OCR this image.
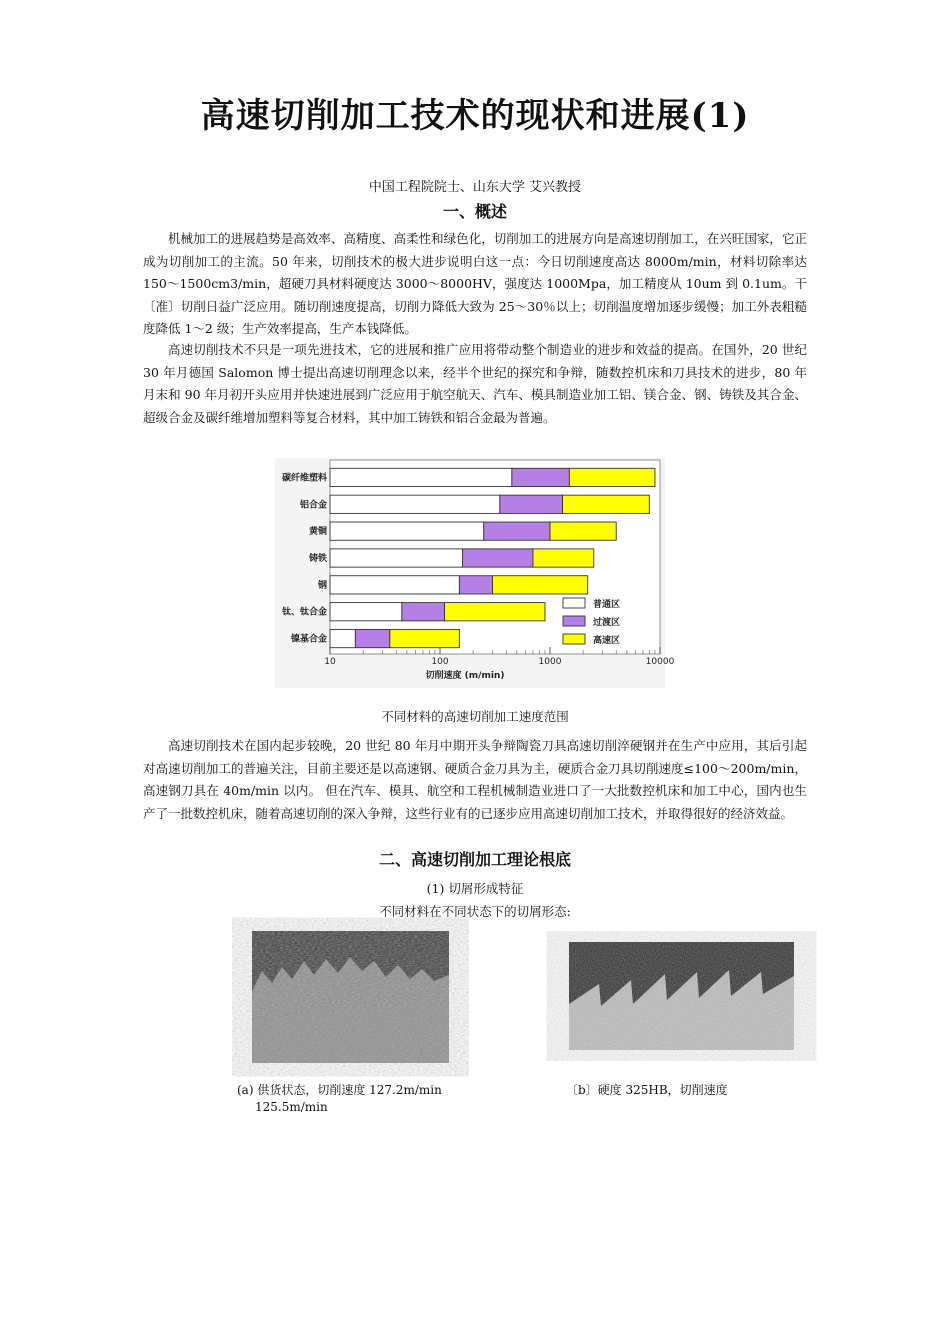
高速切削加工技术的现状和进展(1)
中国工程院院士、山东大学 艾兴教授
一、概述

机械加工的进展趋势是高效率、高精度、高柔性和绿色化，切削加工的进展方向是高速切削加工，在兴旺国家，它正成为切削加工的主流。50 年来，切削技术的极大进步说明白这一点：今日切削速度高达 8000m/min，材料切除率达 150～1500cm3/min，超硬刀具材料硬度达 3000～8000HV，强度达 1000Mpa，加工精度从 10um 到 0.1um。干〔准〕切削日益广泛应用。随切削速度提高，切削力降低大致为 25～30％以上；切削温度增加逐步缓慢；加工外表粗糙度降低 1～2 级；生产效率提高，生产本钱降低。

高速切削技术不只是一项先进技术，它的进展和推广应用将带动整个制造业的进步和效益的提高。在国外，20 世纪 30 年月德国 Salomon 博士提出高速切削理念以来，经半个世纪的探究和争辩，随数控机床和刀具技术的进步，80 年月末和 90 年月初开头应用并快速进展到广泛应用于航空航天、汽车、模具制造业加工铝、镁合金、钢、铸铁及其合金、超级合金及碳纤维增加塑料等复合材料，其中加工铸铁和铝合金最为普遍。

10	100	1000	10000
切削速度 (m/min)
碳纤维塑料
铝合金
黄铜
铸铁
钢
钛、钛合金
镍基合金
普通区
过渡区
高速区
不同材料的高速切削加工速度范围

高速切削技术在国内起步较晚，20 世纪 80 年月中期开头争辩陶瓷刀具高速切削淬硬钢并在生产中应用，其后引起对高速切削加工的普遍关注，目前主要还是以高速钢、硬质合金刀具为主，硬质合金刀具切削速度≤100～200m/min，高速钢刀具在 40m/min 以内。 但在汽车、模具、航空和工程机械制造业进口了一大批数控机床和加工中心，国内也生产了一批数控机床，随着高速切削的深入争辩，这些行业有的已逐步应用高速切削加工技术，并取得很好的经济效益。

二、高速切削加工理论根底
(1) 切屑形成特征
不同材料在不同状态下的切屑形态:
(a) 供货状态，切削速度 127.2m/min
125.5m/min
〔b〕硬度 325HB，切削速度
